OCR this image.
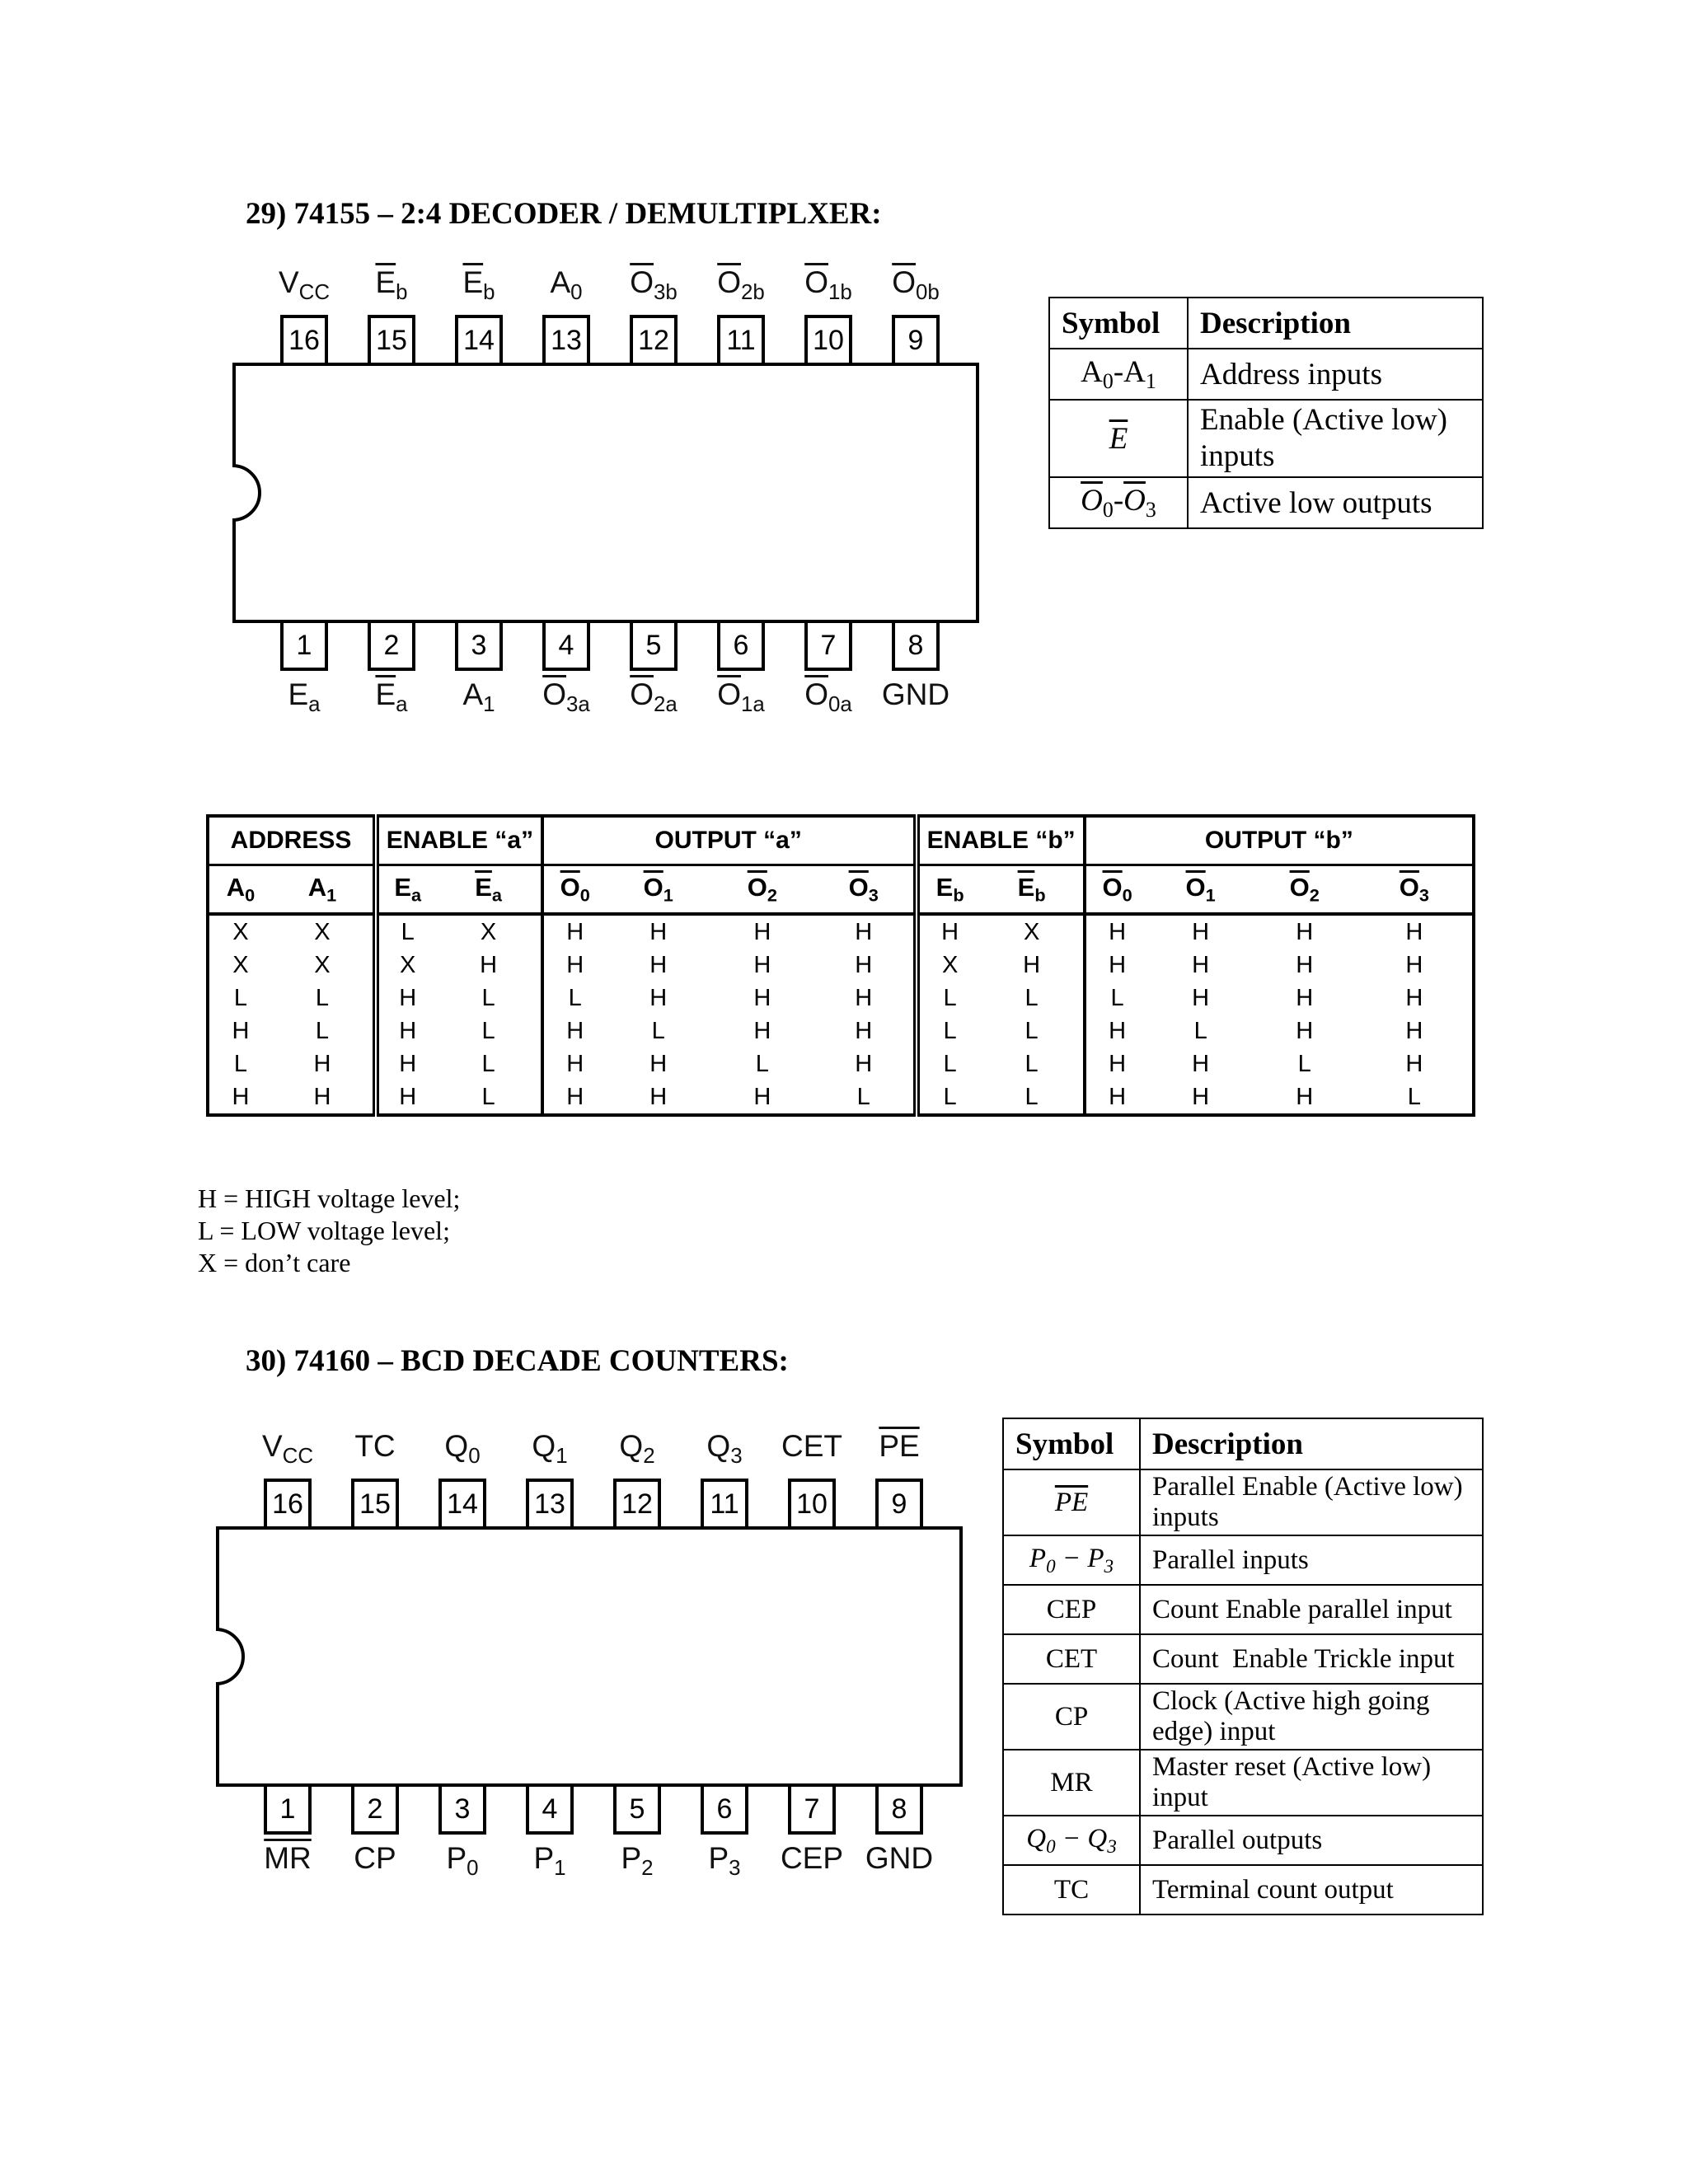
29) 74155 – 2:4 DECODER / DEMULTIPLXER:
16
$V_{CC}$
15
$\overline{E}_b$
14
$\overline{E}_b$
13
$A_0$
12
$\overline{O}_{3b}$
11
$\overline{O}_{2b}$
10
$\overline{O}_{1b}$
9
$\overline{O}_{0b}$
1
$E_a$
2
$\overline{E}_a$
3
$A_1$
4
$\overline{O}_{3a}$
5
$\overline{O}_{2a}$
6
$\overline{O}_{1a}$
7
$\overline{O}_{0a}$
8
GND
Symbol	Description
$A_0-A_1$	Address inputs
$\overline{E}$	Enable (Active low) inputs
$\overline{O}_0-\overline{O}_3$	Active low outputs
ADDRESS		ENABLE “a”		OUTPUT “a”				ENABLE “b”		OUTPUT “b”			
$A_0$	$A_1$	$E_a$	$\overline{E}_a$	$\overline{O}_0$	$\overline{O}_1$	$\overline{O}_2$	$\overline{O}_3$	$E_b$	$\overline{E}_b$	$\overline{O}_0$	$\overline{O}_1$	$\overline{O}_2$	$\overline{O}_3$
X	X	L	X	H	H	H	H	H	X	H	H	H	H
X	X	X	H	H	H	H	H	X	H	H	H	H	H
L	L	H	L	L	H	H	H	L	L	L	H	H	H
H	L	H	L	H	L	H	H	L	L	H	L	H	H
L	H	H	L	H	H	L	H	L	L	H	H	L	H
H	H	H	L	H	H	H	L	L	L	H	H	H	L
H = HIGH voltage level;
L = LOW voltage level;
X = don’t care
30) 74160 – BCD DECADE COUNTERS:
16
$V_{CC}$
15
TC
14
$Q_0$
13
$Q_1$
12
$Q_2$
11
$Q_3$
10
CET
9
$\overline{PE}$
1
$\overline{MR}$
2
CP
3
$P_0$
4
$P_1$
5
$P_2$
6
$P_3$
7
CEP
8
GND
Symbol	Description
$\overline{PE}$	Parallel Enable (Active low) inputs
$P_0 - P_3$	Parallel inputs
CEP	Count Enable parallel input
CET	Count  Enable Trickle input
CP	Clock (Active high going edge) input
MR	Master reset (Active low) input
$Q_0 - Q_3$	Parallel outputs
TC	Terminal count output
